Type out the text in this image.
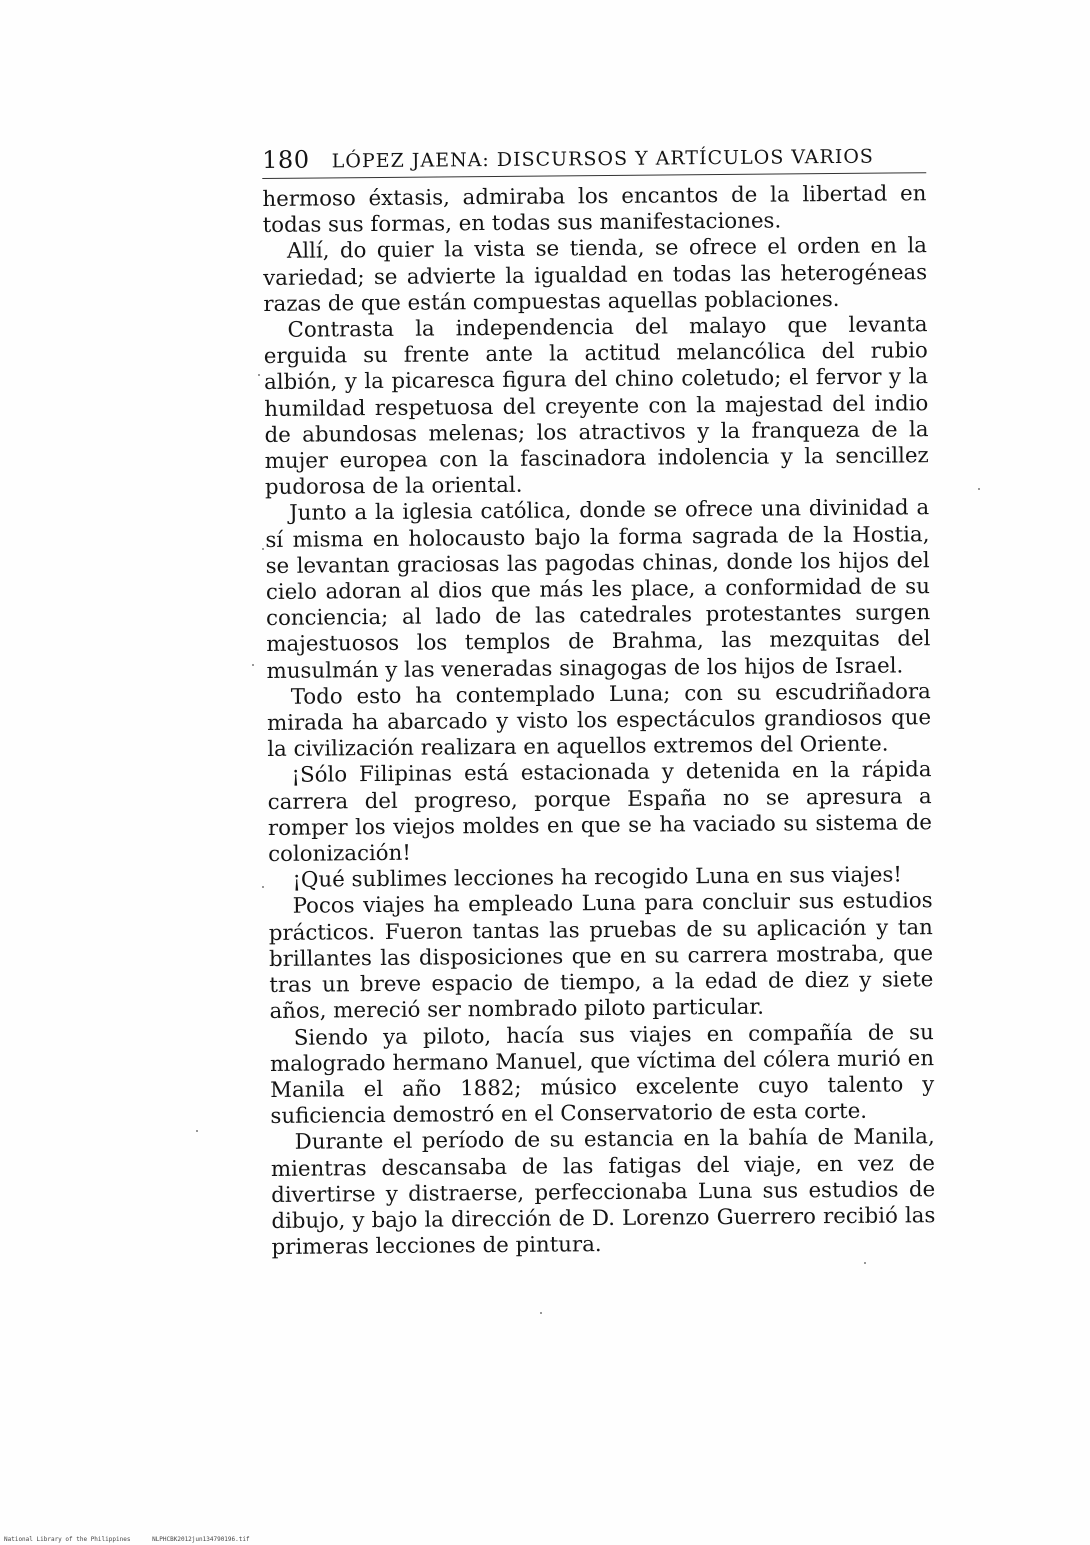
180 LÓPEZ JAENA: DISCURSOS Y ARTÍCULOS VARIOS

hermoso éxtasis, admiraba los encantos de la libertad en todas sus formas, en todas sus manifestaciones.

Allí, do quier la vista se tienda, se ofrece el orden en la variedad; se advierte la igualdad en todas las heterogéneas razas de que están compuestas aquellas poblaciones.

Contrasta la independencia del malayo que levanta erguida su frente ante la actitud melancólica del rubio albión, y la picaresca figura del chino coletudo; el fervor y la humildad respetuosa del creyente con la majestad del indio de abundosas melenas; los atractivos y la franqueza de la mujer europea con la fascinadora indolencia y la sencillez pudorosa de la oriental.

Junto a la iglesia católica, donde se ofrece una divinidad a sí misma en holocausto bajo la forma sagrada de la Hostia, se levantan graciosas las pagodas chinas, donde los hijos del cielo adoran al dios que más les place, a conformidad de su conciencia; al lado de las catedrales protestantes surgen majestuosos los templos de Brahma, las mezquitas del musulmán y las veneradas sinagogas de los hijos de Israel.

Todo esto ha contemplado Luna; con su escudriñadora mirada ha abarcado y visto los espectáculos grandiosos que la civilización realizara en aquellos extremos del Oriente.

¡Sólo Filipinas está estacionada y detenida en la rápida carrera del progreso, porque España no se apresura a romper los viejos moldes en que se ha vaciado su sistema de colonización!

¡Qué sublimes lecciones ha recogido Luna en sus viajes!

Pocos viajes ha empleado Luna para concluir sus estudios prácticos. Fueron tantas las pruebas de su aplicación y tan brillantes las disposiciones que en su carrera mostraba, que tras un breve espacio de tiempo, a la edad de diez y siete años, mereció ser nombrado piloto particular.

Siendo ya piloto, hacía sus viajes en compañía de su malogrado hermano Manuel, que víctima del cólera murió en Manila el año 1882; músico excelente cuyo talento y suficiencia demostró en el Conservatorio de esta corte.

Durante el período de su estancia en la bahía de Manila, mientras descansaba de las fatigas del viaje, en vez de divertirse y distraerse, perfeccionaba Luna sus estudios de dibujo, y bajo la dirección de D. Lorenzo Guerrero recibió las primeras lecciones de pintura.

National Library of the Philippines	NLPHCBK2012jun134790196.tif
